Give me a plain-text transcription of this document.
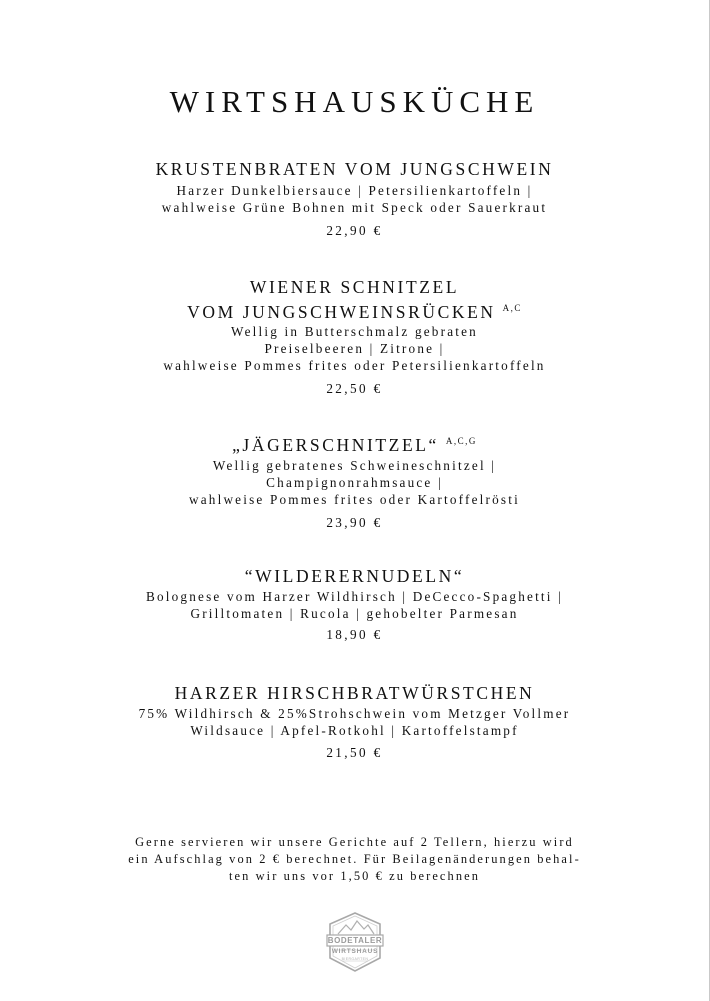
WIRTSHAUSKÜCHE
KRUSTENBRATEN VOM JUNGSCHWEIN
Harzer Dunkelbiersauce | Petersilienkartoffeln |
wahlweise Grüne Bohnen mit Speck oder Sauerkraut
22,90 €
WIENER SCHNITZEL
VOM JUNGSCHWEINSRÜCKEN $^{A,C}$
Wellig in Butterschmalz gebraten
Preiselbeeren | Zitrone |
wahlweise Pommes frites oder Petersilienkartoffeln
22,50 €
„JÄGERSCHNITZEL“ $^{A,C,G}$
Wellig gebratenes Schweineschnitzel |
Champignonrahmsauce |
wahlweise Pommes frites oder Kartoffelrösti
23,90 €
“WILDERERNUDELN“
Bolognese vom Harzer Wildhirsch | DeCecco-Spaghetti |
Grilltomaten | Rucola | gehobelter Parmesan
18,90 €
HARZER HIRSCHBRATWÜRSTCHEN
75% Wildhirsch & 25%Strohschwein vom Metzger Vollmer
Wildsauce | Apfel-Rotkohl | Kartoffelstampf
21,50 €
Gerne servieren wir unsere Gerichte auf 2 Tellern, hierzu wird
ein Aufschlag von 2 € berechnet. Für Beilagenänderungen behal-
ten wir uns vor 1,50 € zu berechnen
BODETALER
WIRTSHAUS
BIERGARTEN
